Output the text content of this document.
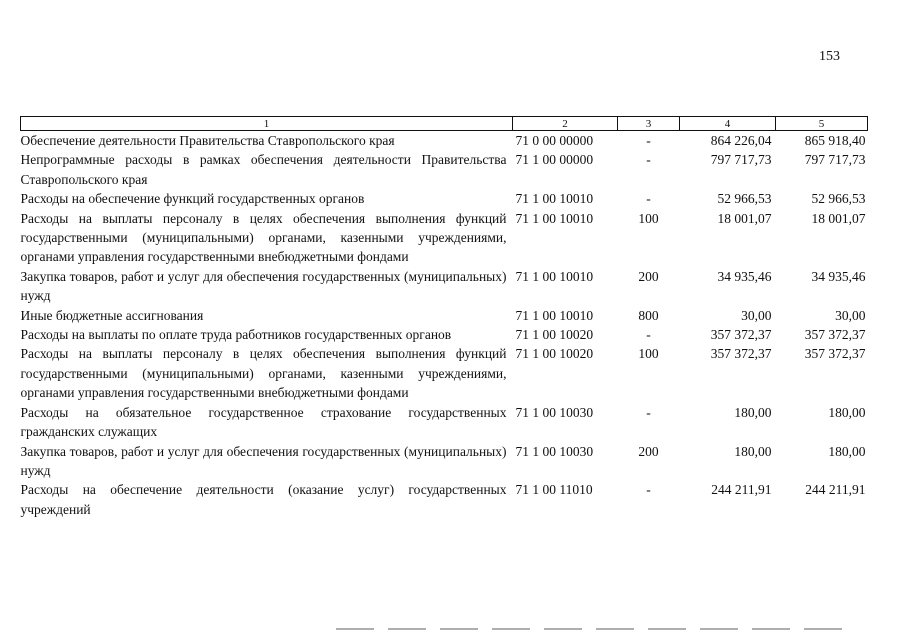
153
1	2	3	4	5
Обеспечение деятельности Правительства Ставропольского края	71 0 00 00000	-	864 226,04	865 918,40
Непрограммные расходы в рамках обеспечения деятельности Правительства Ставропольского края	71 1 00 00000	-	797 717,73	797 717,73
Расходы на обеспечение функций государственных органов	71 1 00 10010	-	52 966,53	52 966,53
Расходы на выплаты персоналу в целях обеспечения выполнения функций государственными (муниципальными) органами, казенными учреждениями, органами управления государственными внебюджетными фондами	71 1 00 10010	100	18 001,07	18 001,07
Закупка товаров, работ и услуг для обеспечения государственных (муниципальных) нужд	71 1 00 10010	200	34 935,46	34 935,46
Иные бюджетные ассигнования	71 1 00 10010	800	30,00	30,00
Расходы на выплаты по оплате труда работников государственных органов	71 1 00 10020	-	357 372,37	357 372,37
Расходы на выплаты персоналу в целях обеспечения выполнения функций государственными (муниципальными) органами, казенными учреждениями, органами управления государственными внебюджетными фондами	71 1 00 10020	100	357 372,37	357 372,37
Расходы на обязательное государственное страхование государственных гражданских служащих	71 1 00 10030	-	180,00	180,00
Закупка товаров, работ и услуг для обеспечения государственных (муниципальных) нужд	71 1 00 10030	200	180,00	180,00
Расходы на обеспечение деятельности (оказание услуг) государственных учреждений	71 1 00 11010	-	244 211,91	244 211,91
